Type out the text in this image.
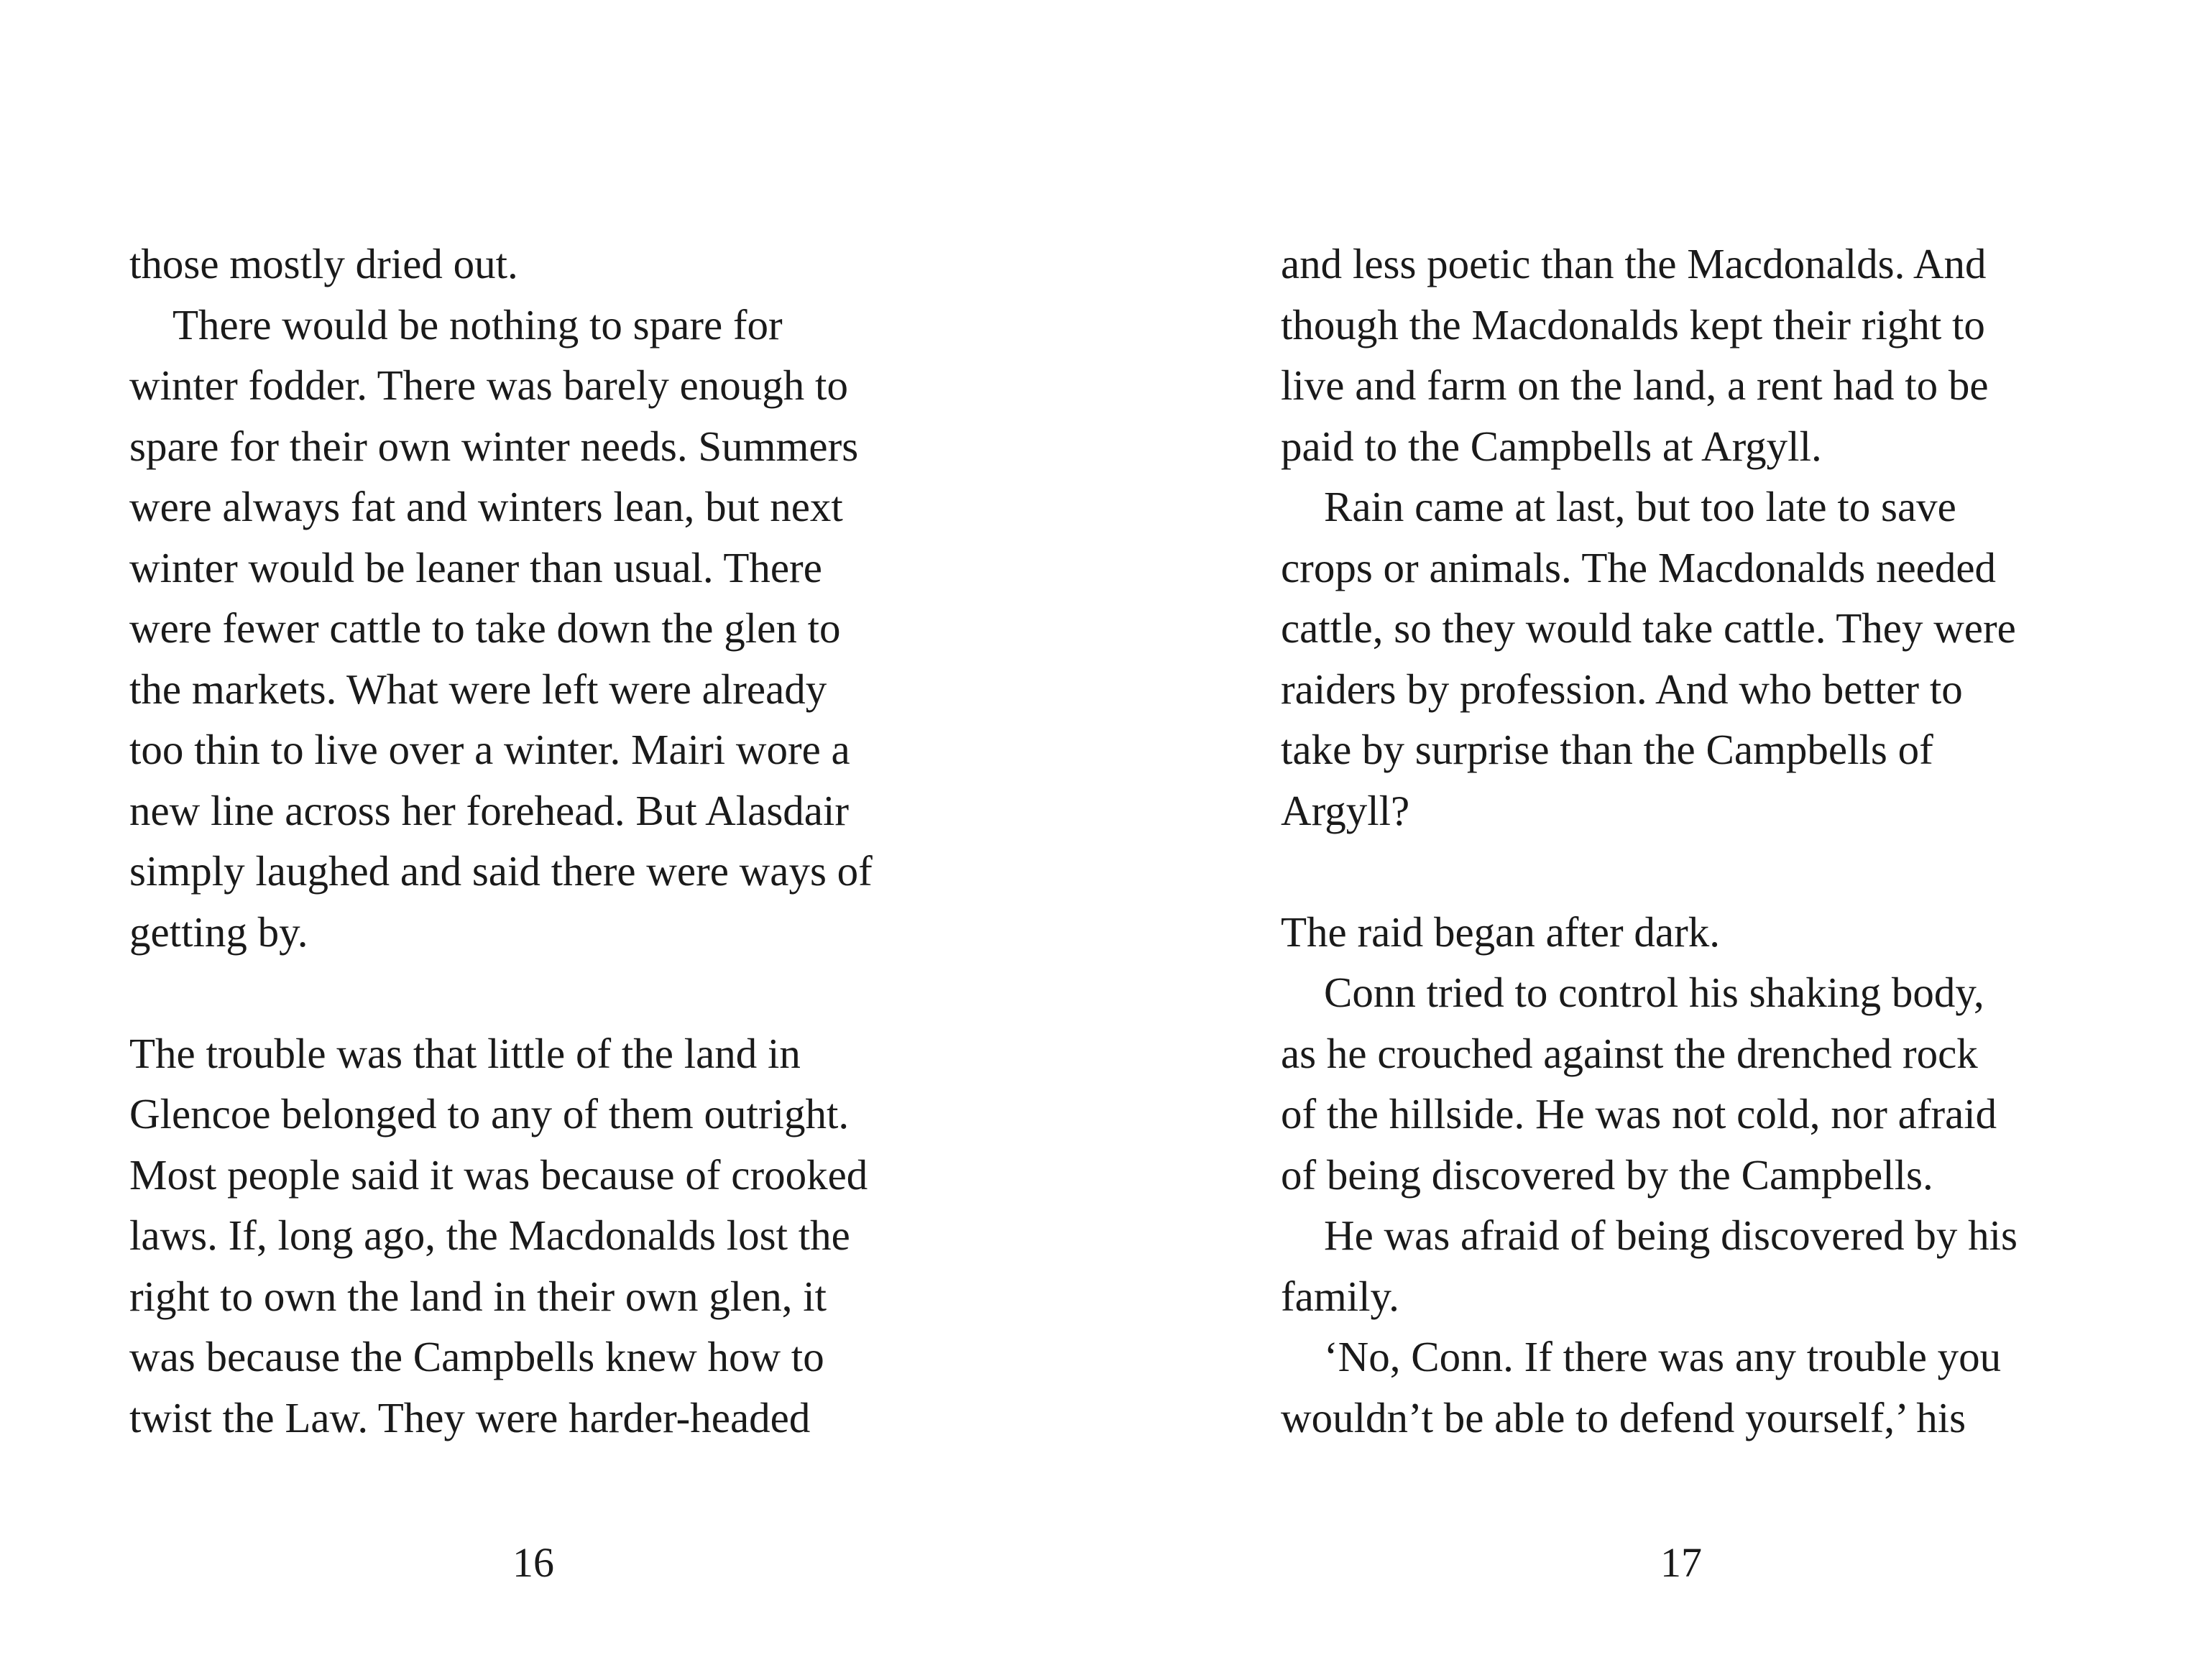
those mostly dried out.

There would be nothing to spare for

winter fodder. There was barely enough to

spare for their own winter needs. Summers

were always fat and winters lean, but next

winter would be leaner than usual. There

were fewer cattle to take down the glen to

the markets. What were left were already

too thin to live over a winter. Mairi wore a

new line across her forehead. But Alasdair

simply laughed and said there were ways of

getting by.

The trouble was that little of the land in

Glencoe belonged to any of them outright.

Most people said it was because of crooked

laws. If, long ago, the Macdonalds lost the

right to own the land in their own glen, it

was because the Campbells knew how to

twist the Law. They were harder-headed

and less poetic than the Macdonalds. And

though the Macdonalds kept their right to

live and farm on the land, a rent had to be

paid to the Campbells at Argyll.

Rain came at last, but too late to save

crops or animals. The Macdonalds needed

cattle, so they would take cattle. They were

raiders by profession. And who better to

take by surprise than the Campbells of

Argyll?

The raid began after dark.

Conn tried to control his shaking body,

as he crouched against the drenched rock

of the hillside. He was not cold, nor afraid

of being discovered by the Campbells.

He was afraid of being discovered by his

family.

‘No, Conn. If there was any trouble you

wouldn’t be able to defend yourself,’ his

16	17
